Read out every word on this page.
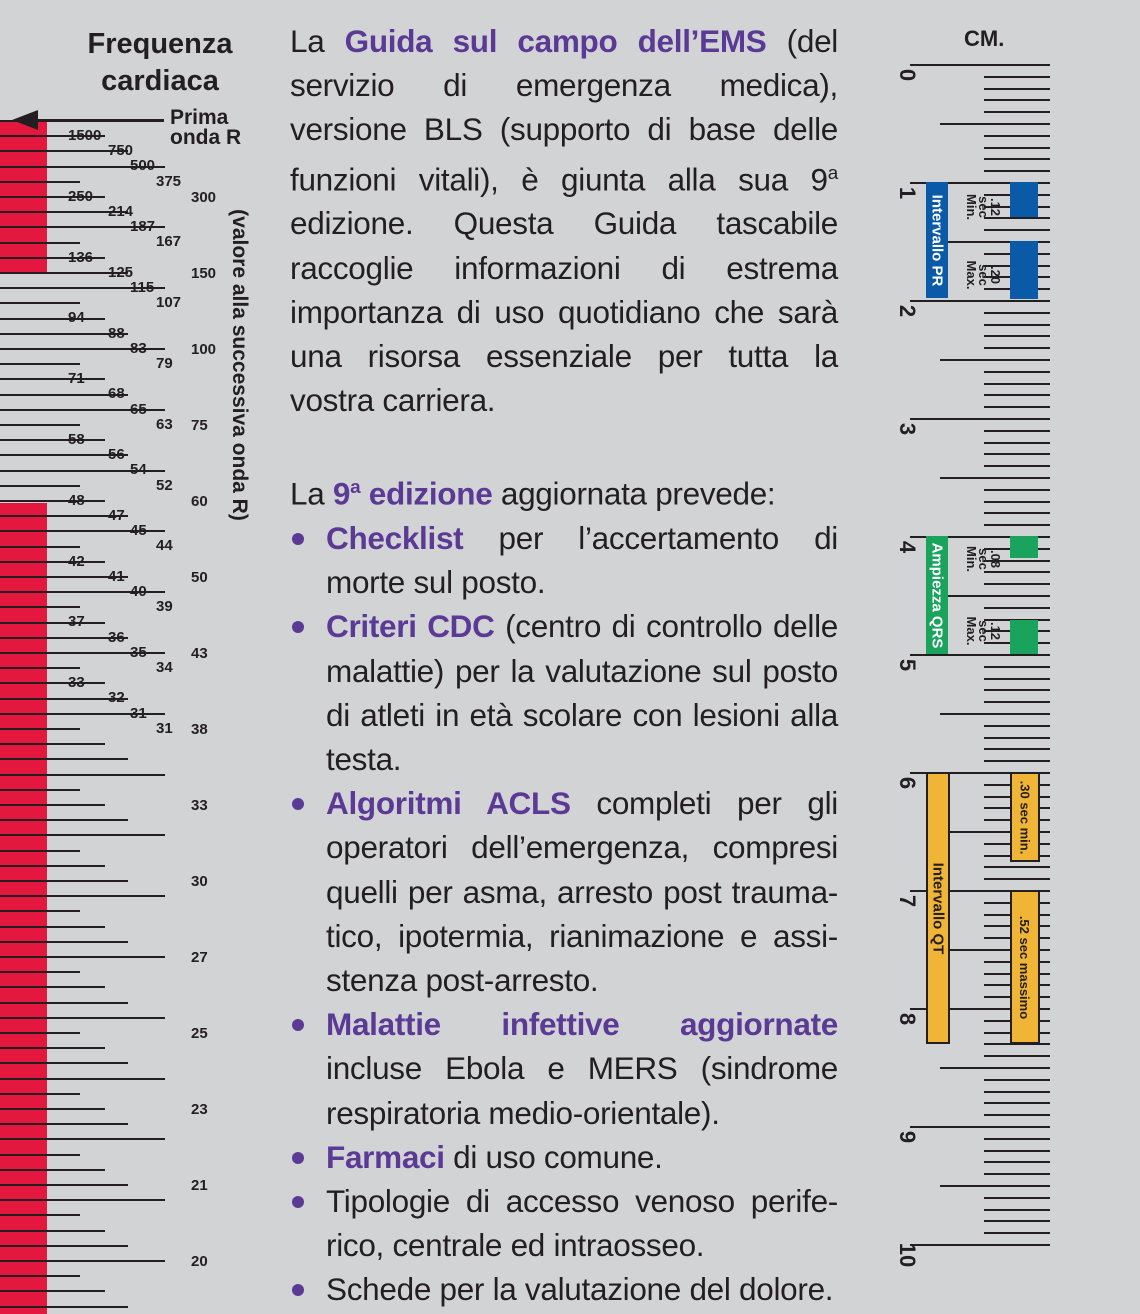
Frequenza
cardiaca
Prima
onda R
1500
750
500
375
250
214
187
167
136
125
115
107
94
88
83
79
71
68
65
63
58
56
54
52
48
47
45
44
42
41
40
39
37
36
35
34
33
32
31
31
300
150
100
75
60
50
43
38
33
30
27
25
23
21
20
(valore alla successiva onda R)

La Guida sul campo dell’EMS (del servizio di emergenza medica), versione BLS (supporto di base delle funzioni vitali), è giunta alla sua 9$^a$ edizione. Questa Guida tascabile raccoglie informazioni di estrema importanza di uso quotidiano che sarà una risorsa essenziale per tutta la vostra carriera.

La 9$^a$ edizione aggiornata prevede:

Checklist per l’accertamento di morte sul posto.
Criteri CDC (centro di controllo delle malattie) per la valutazione sul posto di atleti in età scolare con lesioni alla testa.
Algoritmi ACLS completi per gli operatori dell’emergenza, compresi quelli per asma, arresto post trauma-tico, ipotermia, rianimazione e assi-stenza post-arresto.
Malattie infettive aggiornate incluse Ebola e MERS (sindrome respiratoria medio-orientale).
Farmaci di uso comune.
Tipologie di accesso venoso perife-rico, centrale ed intraosseo.
Schede per la valutazione del dolore.
CM.
0
1
2
3
4
5
6
7
8
9
10
Intervallo PR	.12
sec
Min.
.20
sec
Max.
Ampiezza QRS	.08
sec
Min.
.12
sec
Max.
Intervallo QT
.30 sec min.
.52 sec massimo
